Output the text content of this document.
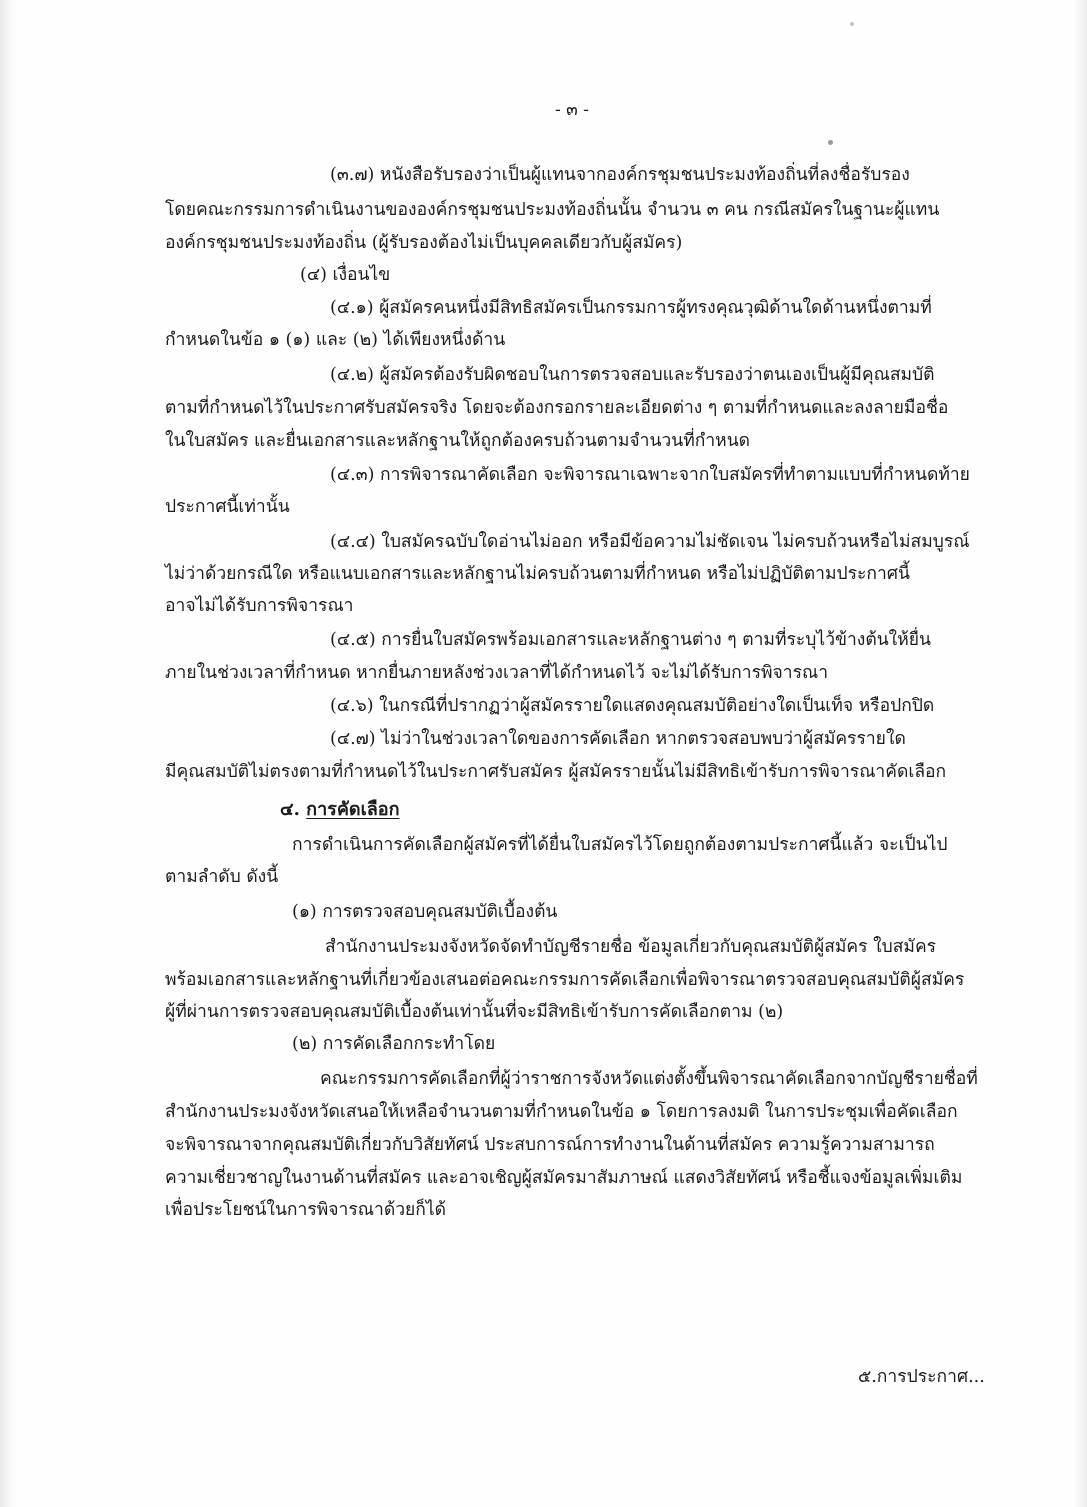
- ๓ -
(๓.๗) หนังสือรับรองว่าเป็นผู้แทนจากองค์กรชุมชนประมงท้องถิ่นที่ลงชื่อรับรอง
โดยคณะกรรมการดำเนินงานขององค์กรชุมชนประมงท้องถิ่นนั้น จำนวน ๓ คน กรณีสมัครในฐานะผู้แทน
องค์กรชุมชนประมงท้องถิ่น (ผู้รับรองต้องไม่เป็นบุคคลเดียวกับผู้สมัคร)
(๔) เงื่อนไข
(๔.๑) ผู้สมัครคนหนึ่งมีสิทธิสมัครเป็นกรรมการผู้ทรงคุณวุฒิด้านใดด้านหนึ่งตามที่
กำหนดในข้อ ๑ (๑) และ (๒) ได้เพียงหนึ่งด้าน
(๔.๒) ผู้สมัครต้องรับผิดชอบในการตรวจสอบและรับรองว่าตนเองเป็นผู้มีคุณสมบัติ
ตามที่กำหนดไว้ในประกาศรับสมัครจริง โดยจะต้องกรอกรายละเอียดต่าง ๆ ตามที่กำหนดและลงลายมือชื่อ
ในใบสมัคร และยื่นเอกสารและหลักฐานให้ถูกต้องครบถ้วนตามจำนวนที่กำหนด
(๔.๓) การพิจารณาคัดเลือก จะพิจารณาเฉพาะจากใบสมัครที่ทำตามแบบที่กำหนดท้าย
ประกาศนี้เท่านั้น
(๔.๔) ใบสมัครฉบับใดอ่านไม่ออก หรือมีข้อความไม่ชัดเจน ไม่ครบถ้วนหรือไม่สมบูรณ์
ไม่ว่าด้วยกรณีใด หรือแนบเอกสารและหลักฐานไม่ครบถ้วนตามที่กำหนด หรือไม่ปฏิบัติตามประกาศนี้
อาจไม่ได้รับการพิจารณา
(๔.๕) การยื่นใบสมัครพร้อมเอกสารและหลักฐานต่าง ๆ ตามที่ระบุไว้ข้างต้นให้ยื่น
ภายในช่วงเวลาที่กำหนด หากยื่นภายหลังช่วงเวลาที่ได้กำหนดไว้ จะไม่ได้รับการพิจารณา
(๔.๖) ในกรณีที่ปรากฏว่าผู้สมัครรายใดแสดงคุณสมบัติอย่างใดเป็นเท็จ หรือปกปิด
(๔.๗) ไม่ว่าในช่วงเวลาใดของการคัดเลือก หากตรวจสอบพบว่าผู้สมัครรายใด
มีคุณสมบัติไม่ตรงตามที่กำหนดไว้ในประกาศรับสมัคร ผู้สมัครรายนั้นไม่มีสิทธิเข้ารับการพิจารณาคัดเลือก
๔. การคัดเลือก
การดำเนินการคัดเลือกผู้สมัครที่ได้ยื่นใบสมัครไว้โดยถูกต้องตามประกาศนี้แล้ว จะเป็นไป
ตามลำดับ ดังนี้
(๑) การตรวจสอบคุณสมบัติเบื้องต้น
สำนักงานประมงจังหวัดจัดทำบัญชีรายชื่อ ข้อมูลเกี่ยวกับคุณสมบัติผู้สมัคร ใบสมัคร
พร้อมเอกสารและหลักฐานที่เกี่ยวข้องเสนอต่อคณะกรรมการคัดเลือกเพื่อพิจารณาตรวจสอบคุณสมบัติผู้สมัคร
ผู้ที่ผ่านการตรวจสอบคุณสมบัติเบื้องต้นเท่านั้นที่จะมีสิทธิเข้ารับการคัดเลือกตาม (๒)
(๒) การคัดเลือกกระทำโดย
คณะกรรมการคัดเลือกที่ผู้ว่าราชการจังหวัดแต่งตั้งขึ้นพิจารณาคัดเลือกจากบัญชีรายชื่อที่
สำนักงานประมงจังหวัดเสนอให้เหลือจำนวนตามที่กำหนดในข้อ ๑ โดยการลงมติ ในการประชุมเพื่อคัดเลือก
จะพิจารณาจากคุณสมบัติเกี่ยวกับวิสัยทัศน์ ประสบการณ์การทำงานในด้านที่สมัคร ความรู้ความสามารถ
ความเชี่ยวชาญในงานด้านที่สมัคร และอาจเชิญผู้สมัครมาสัมภาษณ์ แสดงวิสัยทัศน์ หรือชี้แจงข้อมูลเพิ่มเติม
เพื่อประโยชน์ในการพิจารณาด้วยก็ได้
๕.การประกาศ...
